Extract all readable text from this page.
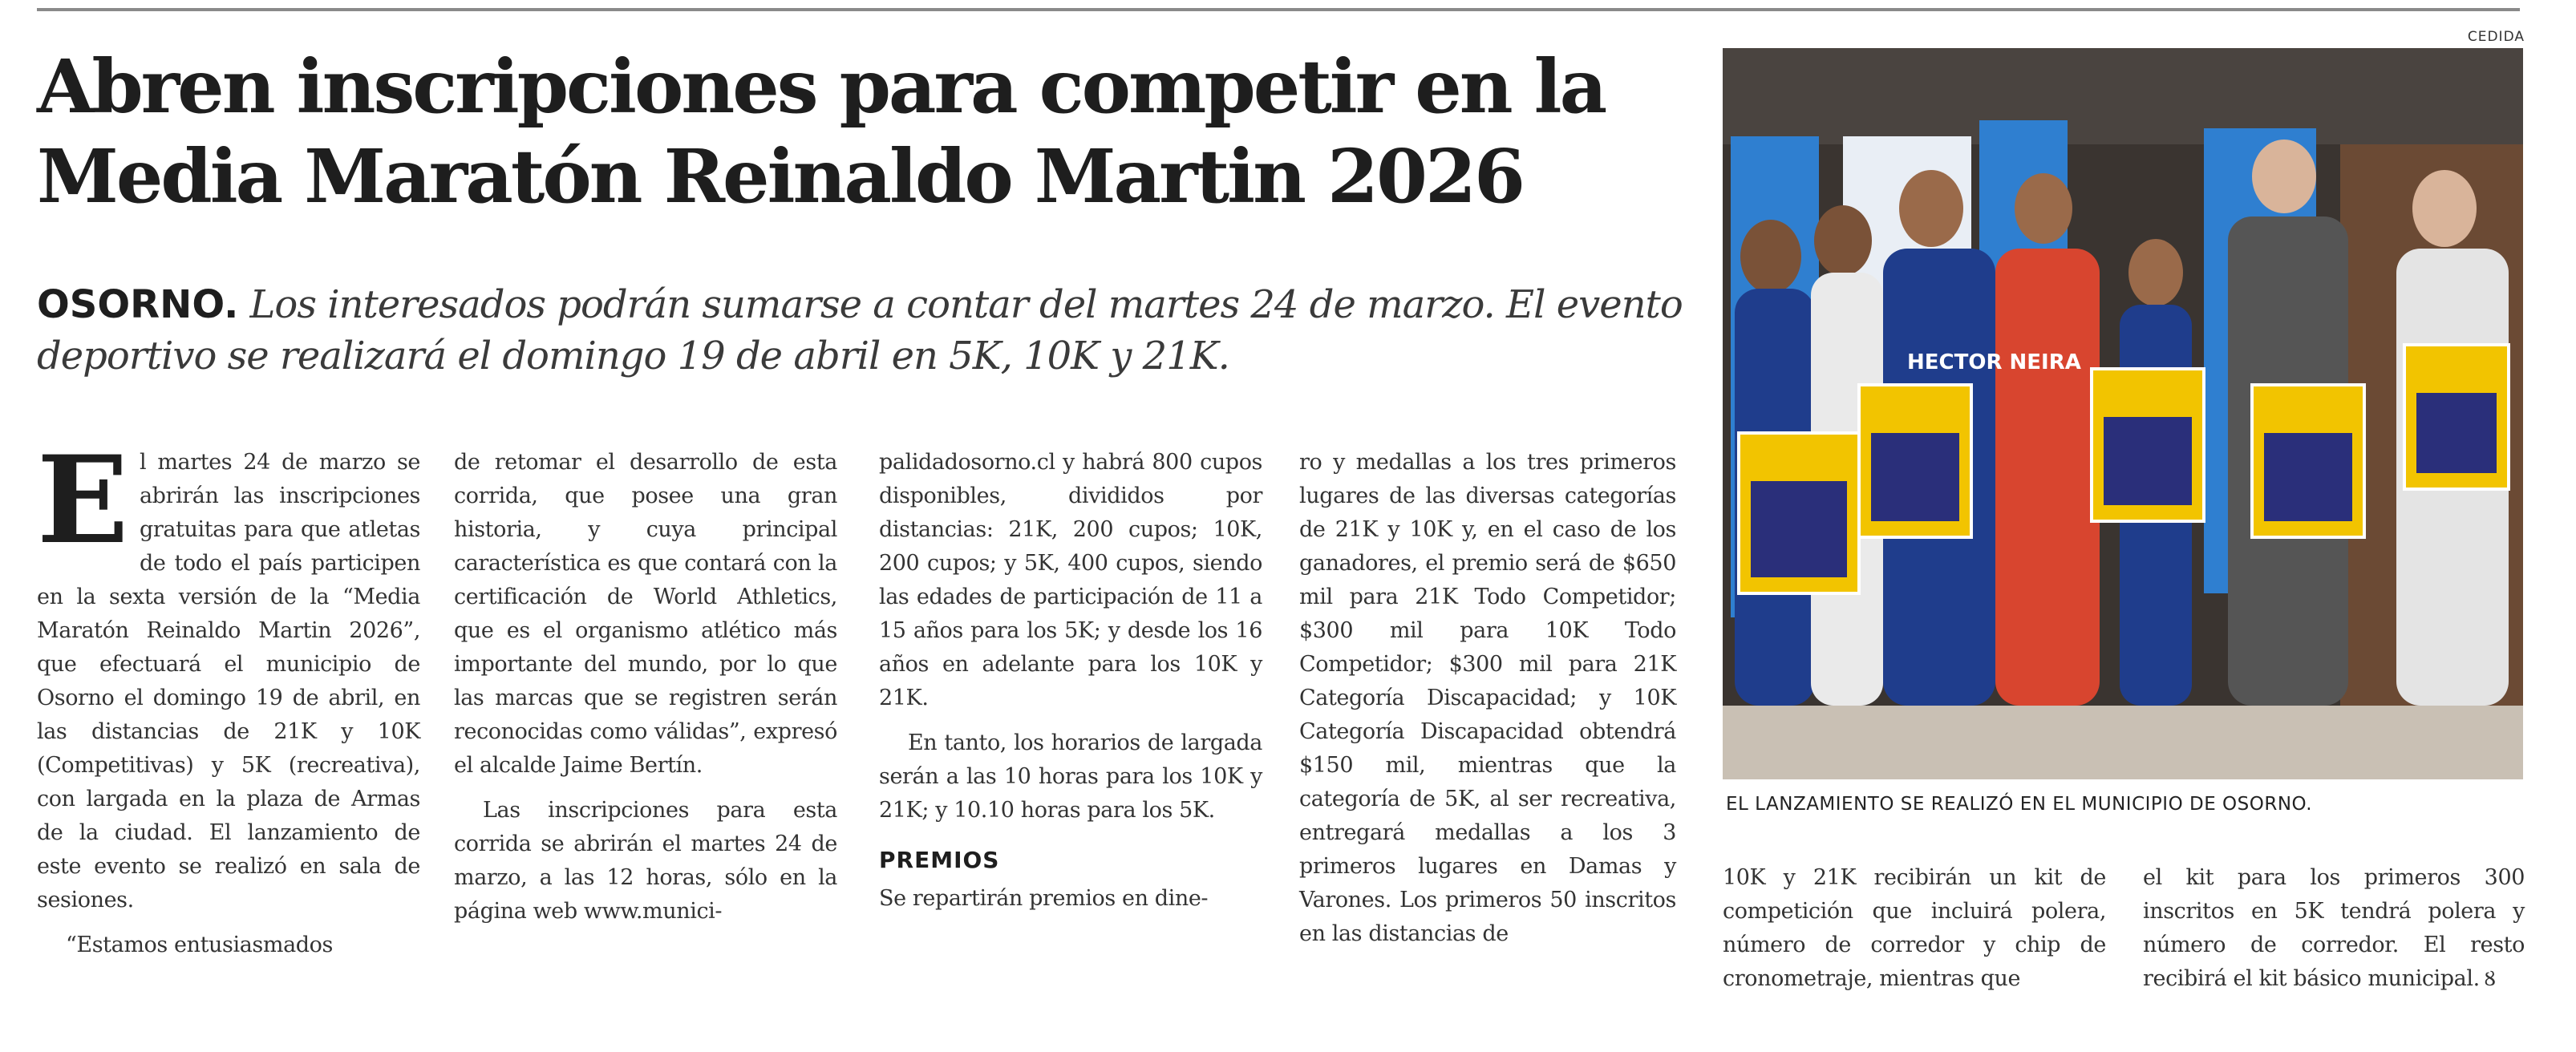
CEDIDA
Abren inscripciones para competir en la Media Maratón Reinaldo Martin 2026
OSORNO. Los interesados podrán sumarse a contar del martes 24 de marzo. El evento deportivo se realizará el domingo 19 de abril en 5K, 10K y 21K.

El martes 24 de marzo se abrirán las inscripciones gratuitas para que atletas de todo el país participen en la sexta versión de la “Media Maratón Reinaldo Martin 2026”, que efectuará el municipio de Osorno el domingo 19 de abril, en las distancias de 21K y 10K (Competitivas) y 5K (recreativa), con largada en la plaza de Armas de la ciudad. El lanzamiento de este evento se realizó en sala de sesiones.

“Estamos entusiasmados

de retomar el desarrollo de esta corrida, que posee una gran historia, y cuya principal característica es que contará con la certificación de World Athletics, que es el organismo atlético más importante del mundo, por lo que las marcas que se registren serán reconocidas como válidas”, expresó el alcalde Jaime Bertín.

Las inscripciones para esta corrida se abrirán el martes 24 de marzo, a las 12 horas, sólo en la página web www.munici-

palidadosorno.cl y habrá 800 cupos disponibles, divididos por distancias: 21K, 200 cupos; 10K, 200 cupos; y 5K, 400 cupos, siendo las edades de participación de 11 a 15 años para los 5K; y desde los 16 años en adelante para los 10K y 21K.

En tanto, los horarios de largada serán a las 10 horas para los 10K y 21K; y 10.10 horas para los 5K.

PREMIOS

Se repartirán premios en dine-

ro y medallas a los tres primeros lugares de las diversas categorías de 21K y 10K y, en el caso de los ganadores, el premio será de $650 mil para 21K Todo Competidor; $300 mil para 10K Todo Competidor; $300 mil para 21K Categoría Discapacidad; y 10K Categoría Discapacidad obtendrá $150 mil, mientras que la categoría de 5K, al ser recreativa, entregará medallas a los 3 primeros lugares en Damas y Varones. Los primeros 50 inscritos en las distancias de

HECTOR NEIRA
EL LANZAMIENTO SE REALIZÓ EN EL MUNICIPIO DE OSORNO.

10K y 21K recibirán un kit de competición que incluirá polera, número de corredor y chip de cronometraje, mientras que

el kit para los primeros 300 inscritos en 5K tendrá polera y número de corredor. El resto recibirá el kit básico municipal. Ȣ
